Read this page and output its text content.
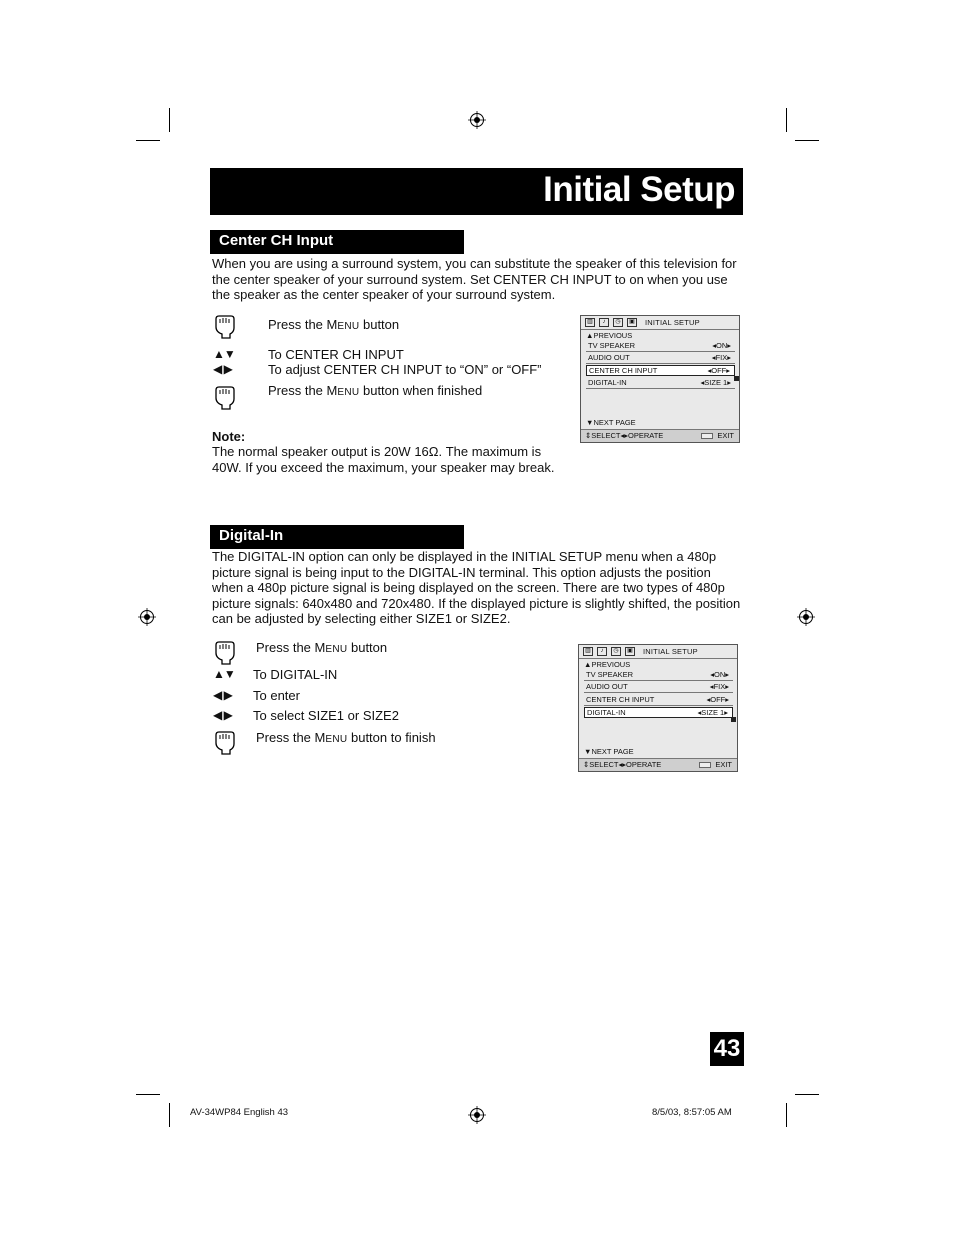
Initial Setup
Center CH Input
When you are using a surround system, you can substitute the speaker of this television for the center speaker of your surround system. Set CENTER CH INPUT to on when you use the speaker as the center speaker of your surround system.
Press the MENU button
▲▼	To CENTER CH INPUT
◀ ▶	To adjust CENTER CH INPUT to “ON” or “OFF”
Press the MENU button when finished
Note:
The normal speaker output is 20W 16Ω. The maximum is 40W. If you exceed the maximum, your speaker may break.
▥	♪	◷	▣ INITIAL SETUP
▲PREVIOUS
TV SPEAKER	◂ON▸
AUDIO OUT	◂FIX▸
CENTER CH INPUT	◂OFF▸
DIGITAL-IN	◂SIZE 1▸
▼NEXT PAGE
⇕SELECT◂▸OPERATE	EXIT
Digital-In
The DIGITAL-IN option can only be displayed in the INITIAL SETUP menu when a 480p picture signal is being input to the DIGITAL-IN terminal. This option adjusts the position when a 480p picture signal is being displayed on the screen. There are two types of 480p picture signals: 640x480 and 720x480. If the displayed picture is slightly shifted, the position can be adjusted by selecting either SIZE1 or SIZE2.
Press the MENU button
▲▼ To DIGITAL-IN
◀ ▶ To enter
◀ ▶ To select SIZE1 or SIZE2
Press the MENU button to finish
▥	♪	◷	▣ INITIAL SETUP
▲PREVIOUS
TV SPEAKER	◂ON▸
AUDIO OUT	◂FIX▸
CENTER CH INPUT	◂OFF▸
DIGITAL-IN	◂SIZE 1▸
▼NEXT PAGE
⇕SELECT◂▸OPERATE	EXIT
43
AV-34WP84 English 43	8/5/03, 8:57:05 AM
